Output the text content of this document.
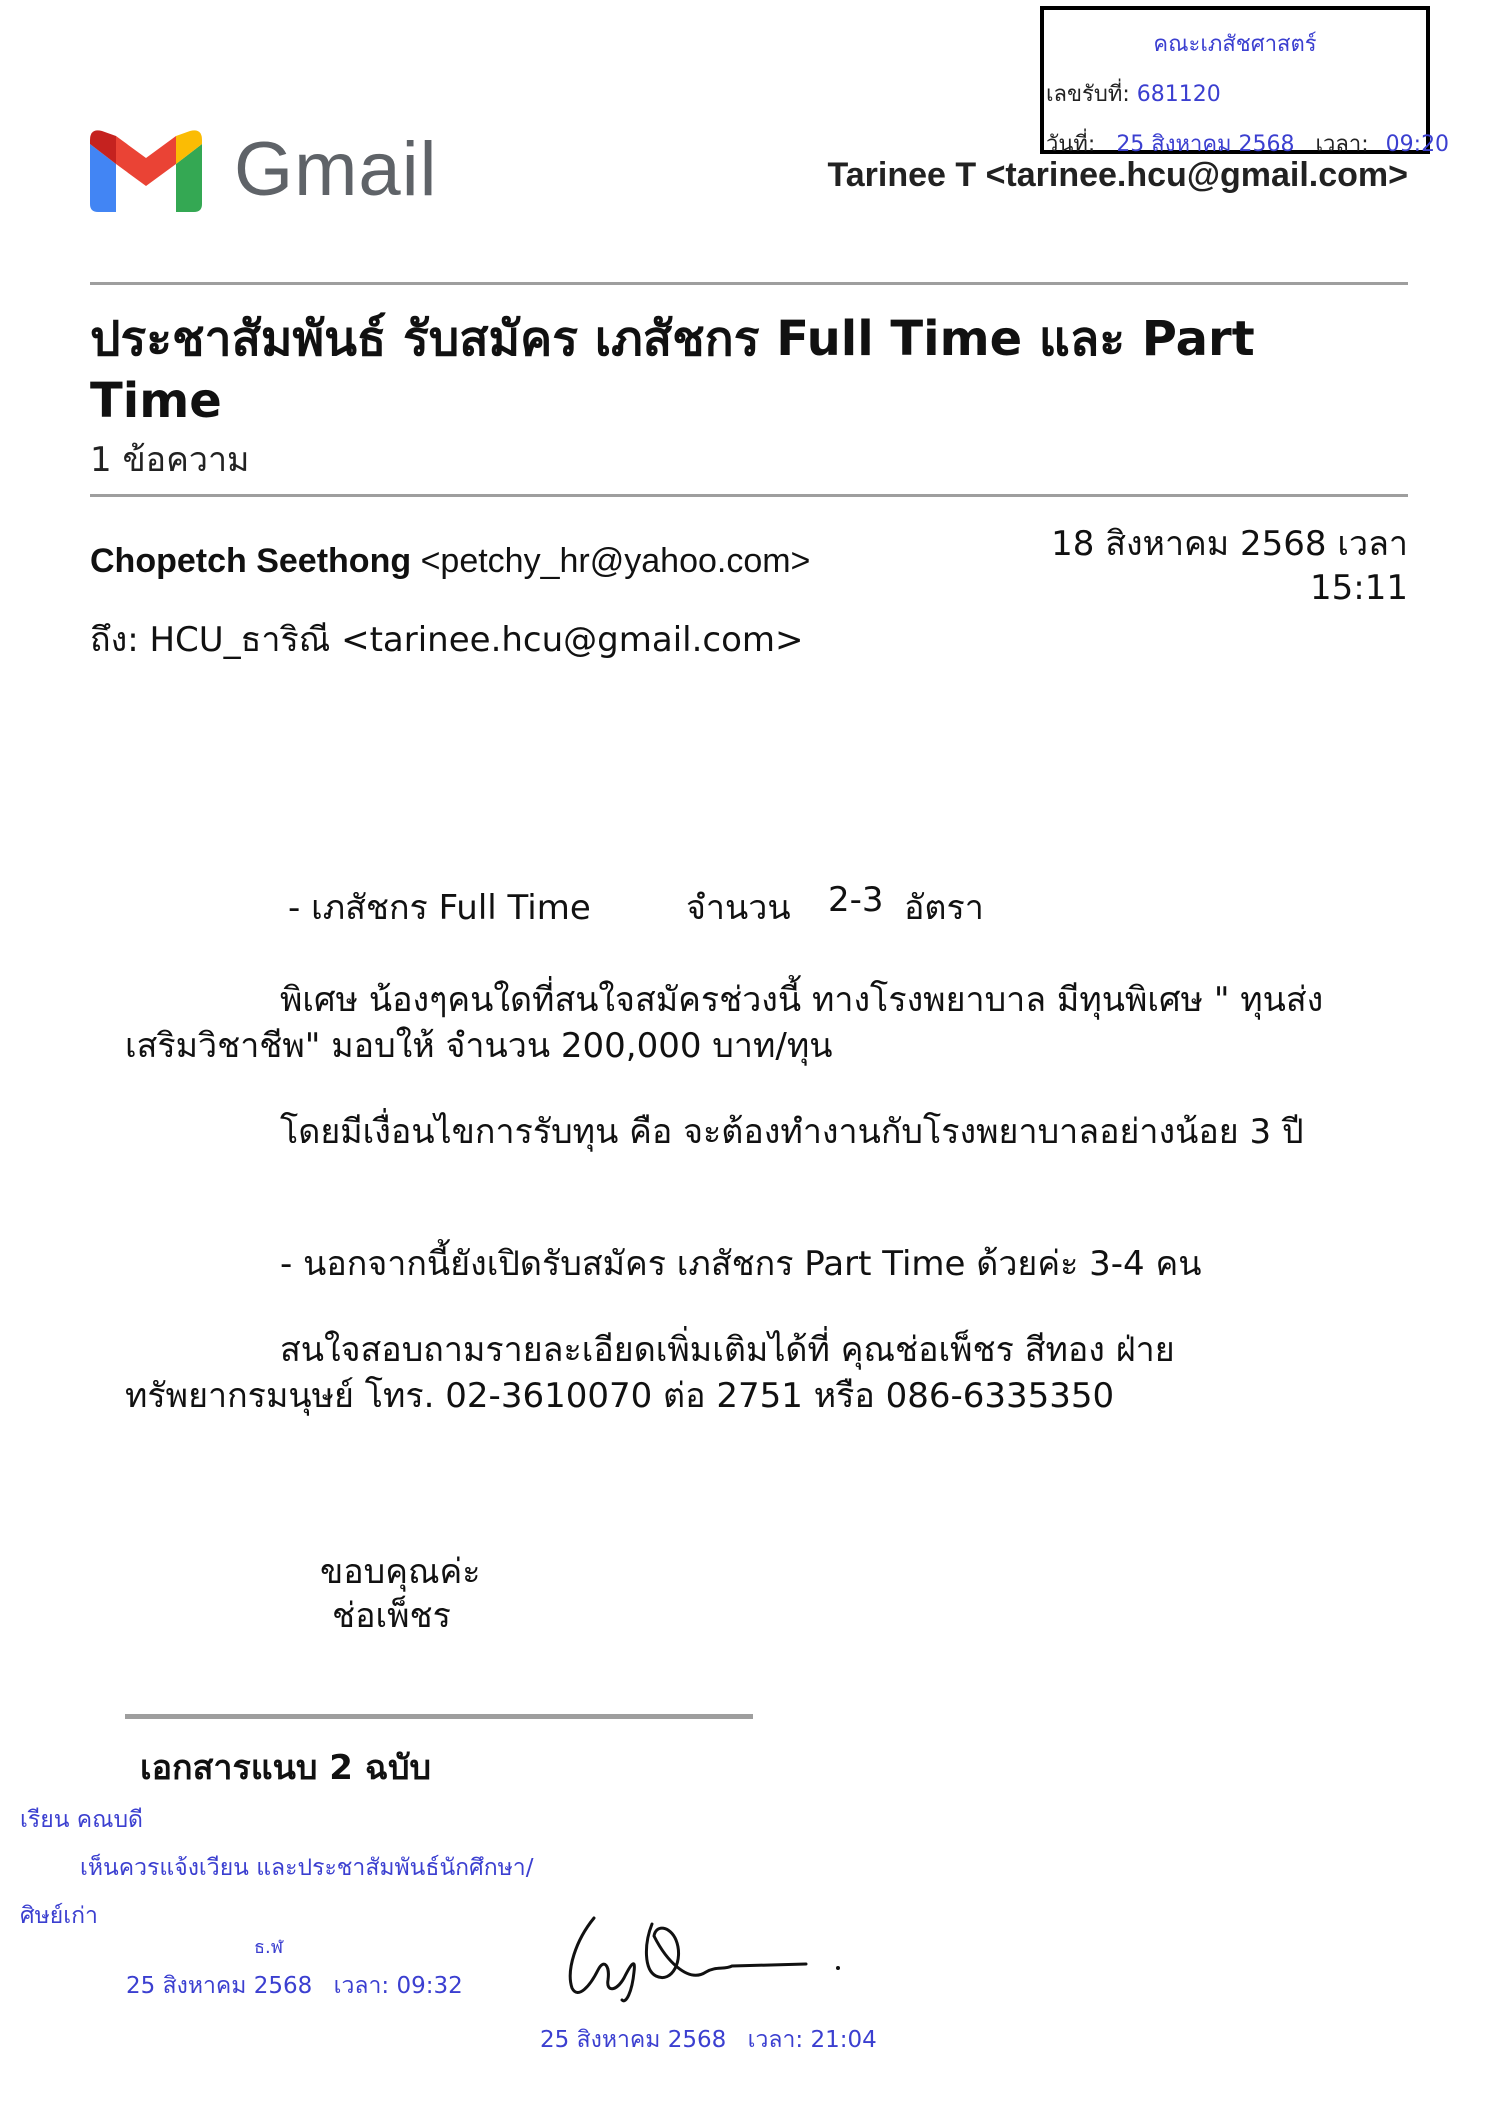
คณะเภสัชศาสตร์
เลขรับที่: 681120
วันที่: 25 สิงหาคม 2568 เวลา: 09:20
Gmail	Tarinee T <tarinee.hcu@gmail.com>
ประชาสัมพันธ์ รับสมัคร เภสัชกร Full Time และ Part Time
1 ข้อความ
Chopetch Seethong <petchy_hr@yahoo.com>	18 สิงหาคม 2568 เวลา
15:11
ถึง: HCU_ธาริณี <tarinee.hcu@gmail.com>
- เภสัชกร Full Time	จำนวน 2-3 อัตรา
พิเศษ น้องๆคนใดที่สนใจสมัครช่วงนี้ ทางโรงพยาบาล มีทุนพิเศษ " ทุนส่ง
เสริมวิชาชีพ" มอบให้ จำนวน 200,000 บาท/ทุน
โดยมีเงื่อนไขการรับทุน คือ จะต้องทำงานกับโรงพยาบาลอย่างน้อย 3 ปี
- นอกจากนี้ยังเปิดรับสมัคร เภสัชกร Part Time ด้วยค่ะ 3-4 คน
สนใจสอบถามรายละเอียดเพิ่มเติมได้ที่ คุณช่อเพ็ชร สีทอง ฝ่าย
ทรัพยากรมนุษย์ โทร. 02-3610070 ต่อ 2751 หรือ 086-6335350
ขอบคุณค่ะ
ช่อเพ็ชร
เอกสารแนบ 2 ฉบับ
เรียน คณบดี
เห็นควรแจ้งเวียน และประชาสัมพันธ์นักศึกษา/
ศิษย์เก่า
ธ.ฬ
25 สิงหาคม 2568 เวลา: 09:32
25 สิงหาคม 2568 เวลา: 21:04
